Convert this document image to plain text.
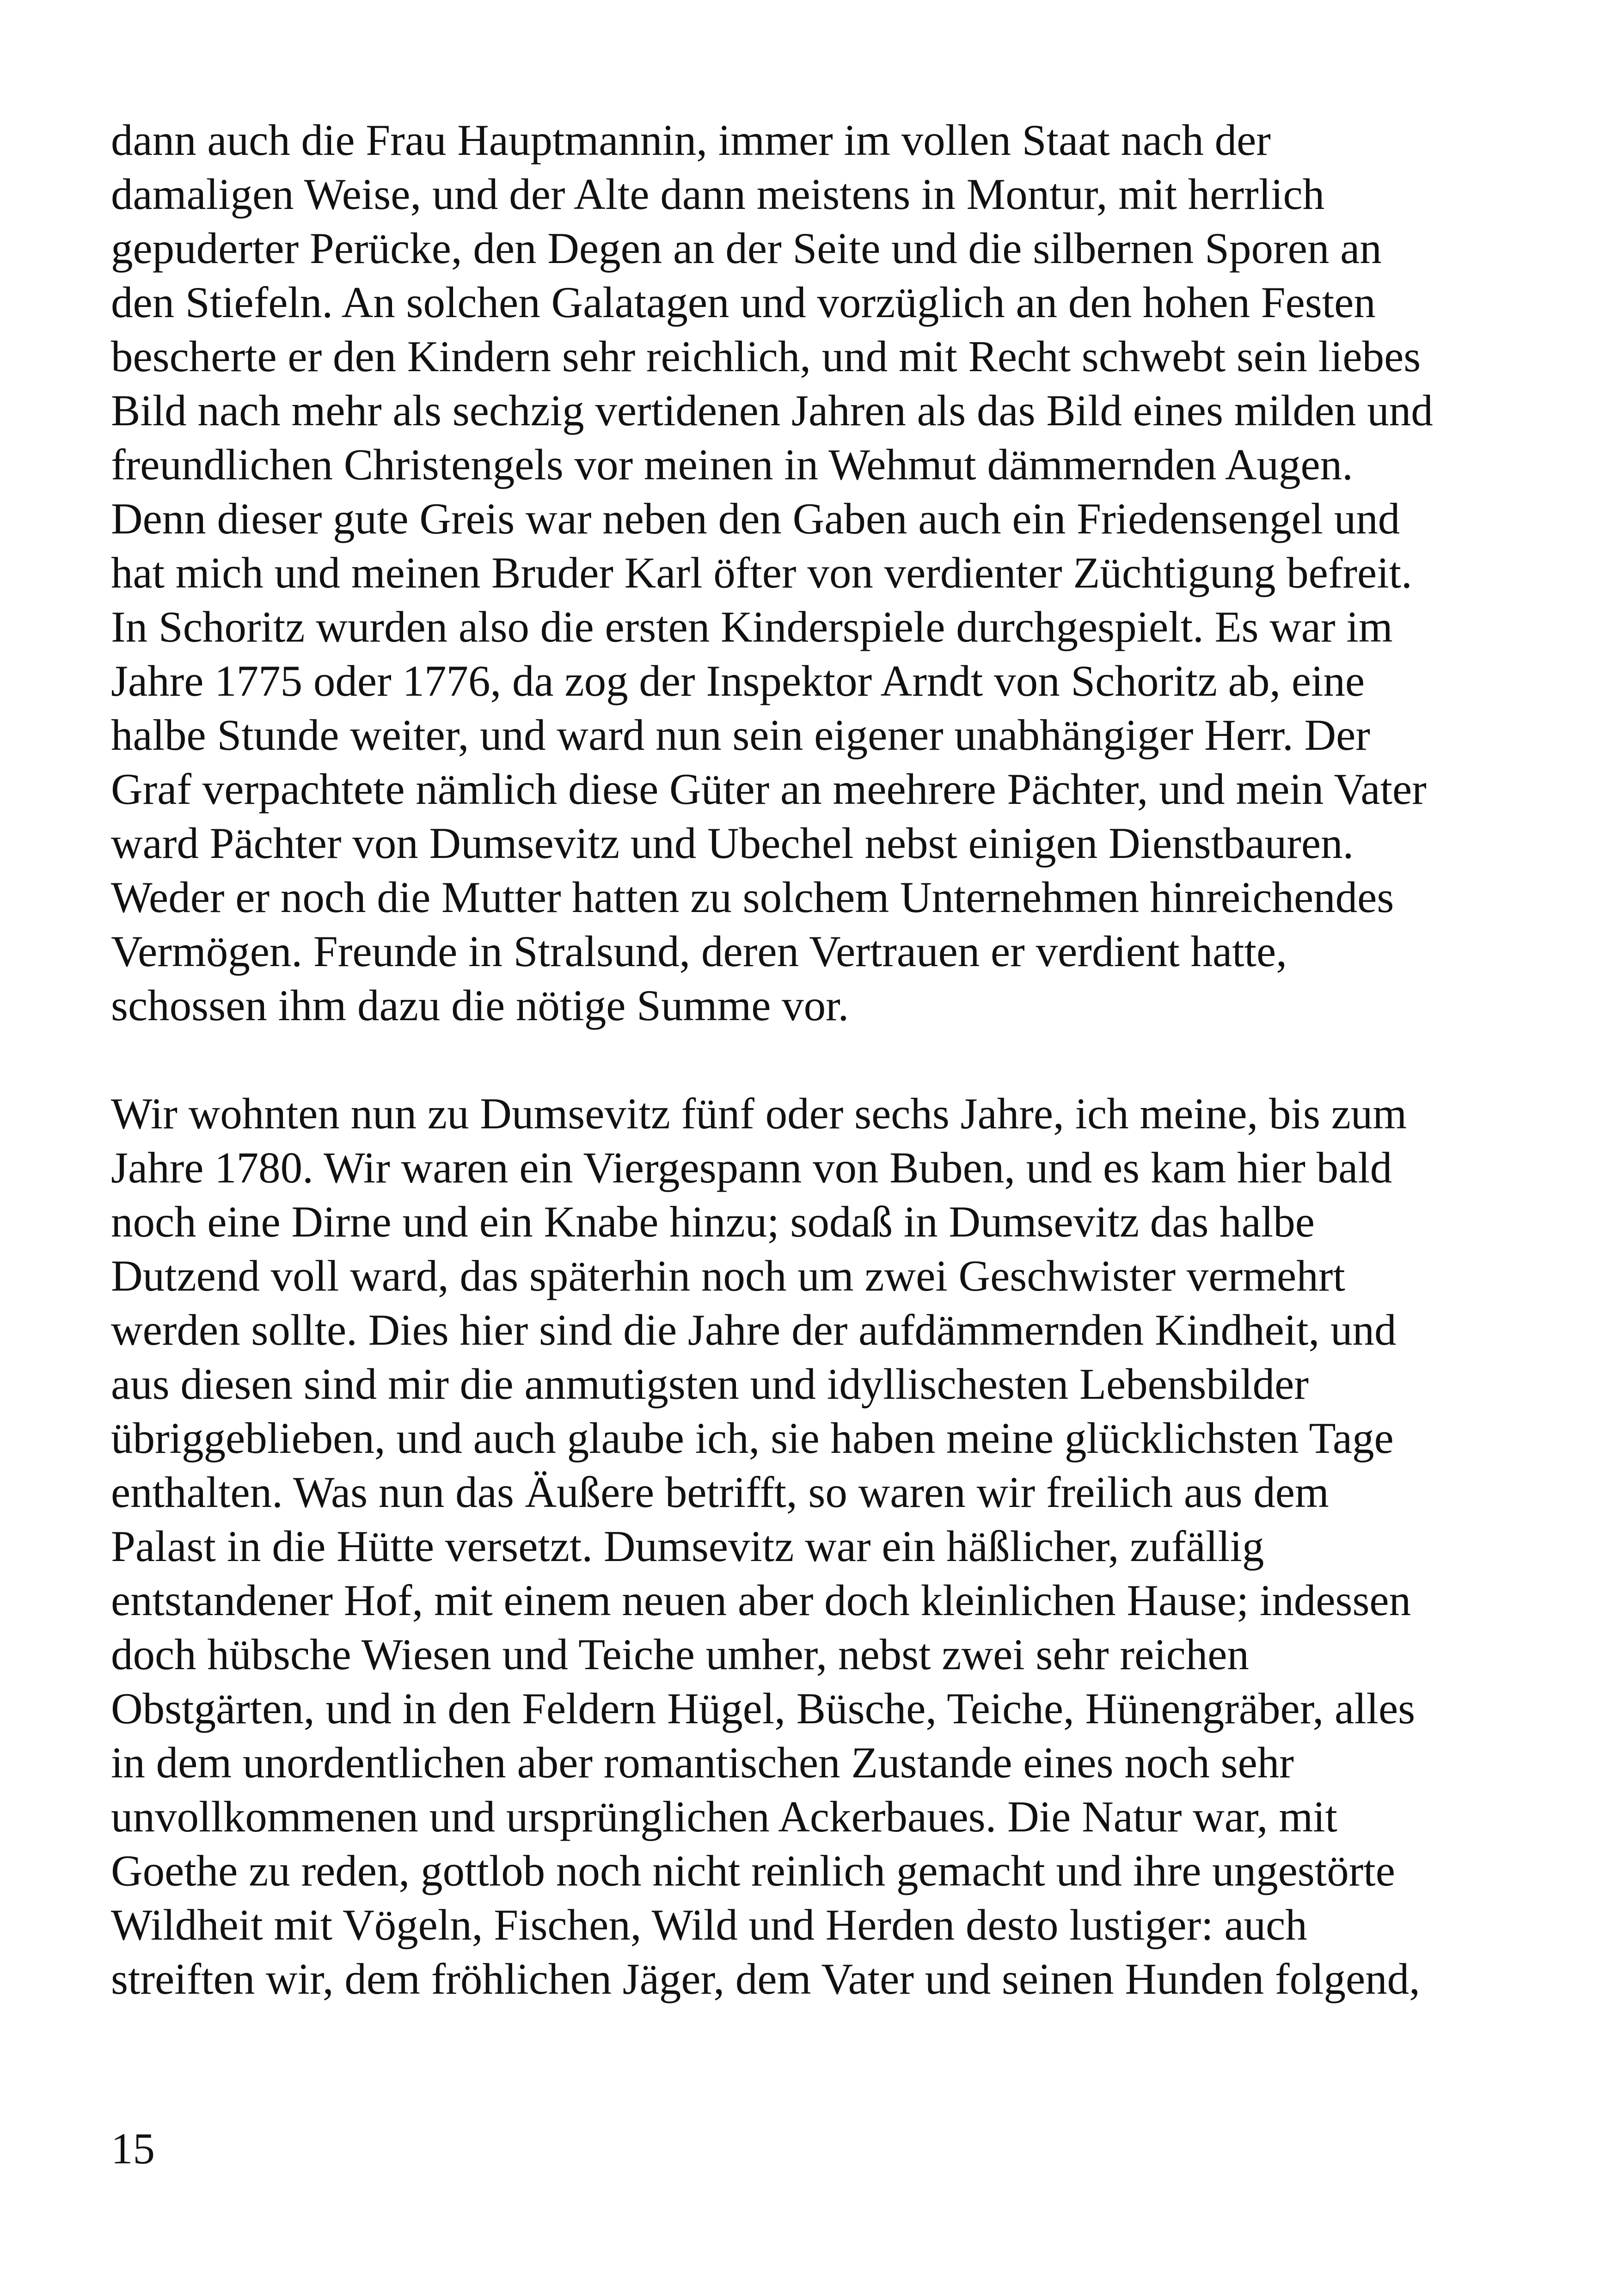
dann auch die Frau Hauptmannin, immer im vollen Staat nach der
damaligen Weise, und der Alte dann meistens in Montur, mit herrlich
gepuderter Perücke, den Degen an der Seite und die silbernen Sporen an
den Stiefeln. An solchen Galatagen und vorzüglich an den hohen Festen
bescherte er den Kindern sehr reichlich, und mit Recht schwebt sein liebes
Bild nach mehr als sechzig vertidenen Jahren als das Bild eines milden und
freundlichen Christengels vor meinen in Wehmut dämmernden Augen.
Denn dieser gute Greis war neben den Gaben auch ein Friedensengel und
hat mich und meinen Bruder Karl öfter von verdienter Züchtigung befreit.
In Schoritz wurden also die ersten Kinderspiele durchgespielt. Es war im
Jahre 1775 oder 1776, da zog der Inspektor Arndt von Schoritz ab, eine
halbe Stunde weiter, und ward nun sein eigener unabhängiger Herr. Der
Graf verpachtete nämlich diese Güter an meehrere Pächter, und mein Vater
ward Pächter von Dumsevitz und Ubechel nebst einigen Dienstbauren.
Weder er noch die Mutter hatten zu solchem Unternehmen hinreichendes
Vermögen. Freunde in Stralsund, deren Vertrauen er verdient hatte,
schossen ihm dazu die nötige Summe vor.
Wir wohnten nun zu Dumsevitz fünf oder sechs Jahre, ich meine, bis zum
Jahre 1780. Wir waren ein Viergespann von Buben, und es kam hier bald
noch eine Dirne und ein Knabe hinzu; sodaß in Dumsevitz das halbe
Dutzend voll ward, das späterhin noch um zwei Geschwister vermehrt
werden sollte. Dies hier sind die Jahre der aufdämmernden Kindheit, und
aus diesen sind mir die anmutigsten und idyllischesten Lebensbilder
übriggeblieben, und auch glaube ich, sie haben meine glücklichsten Tage
enthalten. Was nun das Äußere betrifft, so waren wir freilich aus dem
Palast in die Hütte versetzt. Dumsevitz war ein häßlicher, zufällig
entstandener Hof, mit einem neuen aber doch kleinlichen Hause; indessen
doch hübsche Wiesen und Teiche umher, nebst zwei sehr reichen
Obstgärten, und in den Feldern Hügel, Büsche, Teiche, Hünengräber, alles
in dem unordentlichen aber romantischen Zustande eines noch sehr
unvollkommenen und ursprünglichen Ackerbaues. Die Natur war, mit
Goethe zu reden, gottlob noch nicht reinlich gemacht und ihre ungestörte
Wildheit mit Vögeln, Fischen, Wild und Herden desto lustiger: auch
streiften wir, dem fröhlichen Jäger, dem Vater und seinen Hunden folgend,
15
